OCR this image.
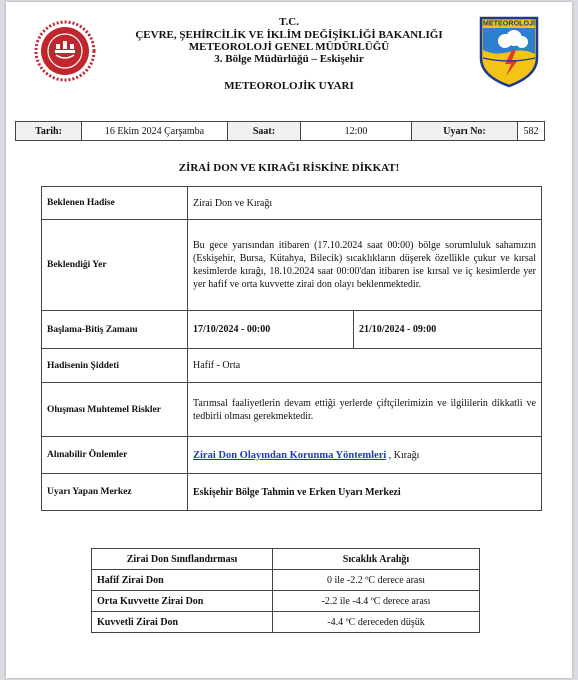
METEOROLOJİ
T.C.
ÇEVRE, ŞEHİRCİLİK VE İKLİM DEĞİŞİKLİĞİ BAKANLIĞI
METEOROLOJİ GENEL MÜDÜRLÜĞÜ
3. Bölge Müdürlüğü – Eskişehir
METEOROLOJİK UYARI
Tarih:	16 Ekim 2024 Çarşamba	Saat:	12:00	Uyarı No:	582
ZİRAİ DON VE KIRAĞI RİSKİNE DİKKAT!
Beklenen Hadise	Zirai Don ve Kırağı	
Beklendiği Yer	Bu gece yarısından itibaren (17.10.2024 saat 00:00) bölge sorumluluk sahamızın (Eskişehir, Bursa, Kütahya, Bilecik) sıcaklıkların düşerek özellikle çukur ve kırsal kesimlerde kırağı, 18.10.2024 saat 00:00'dan itibaren ise kırsal ve iç kesimlerde yer yer hafif ve orta kuvvette zirai don olayı beklenmektedir.	
Başlama-Bitiş Zamanı	17/10/2024 - 00:00	21/10/2024 - 09:00
Hadisenin Şiddeti	Hafif - Orta	
Oluşması Muhtemel Riskler	Tarımsal faaliyetlerin devam ettiği yerlerde çiftçilerimizin ve ilgililerin dikkatli ve tedbirli olması gerekmektedir.	
Alınabilir Önlemler	Zirai Don Olayından Korunma Yöntemleri , Kırağı	
Uyarı Yapan Merkez	Eskişehir Bölge Tahmin ve Erken Uyarı Merkezi	
Zirai Don Sınıflandırması	Sıcaklık Aralığı
Hafif Zirai Don	0 ile -2.2 ºC derece arası
Orta Kuvvette Zirai Don	-2.2 ile -4.4 ºC derece arası
Kuvvetli Zirai Don	-4.4 ºC dereceden düşük
